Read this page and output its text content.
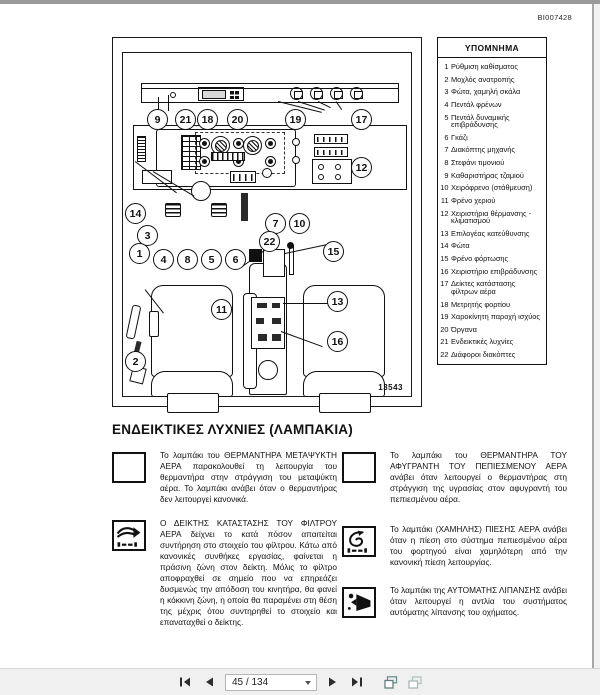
BI007428
9	21 18	20	19	17
14
3
12
7	10
22
4	8	5	6
1
11
15
13
16
2
13543
ΥΠΟΜΝΗΜΑ
1 Ρύθμιση καθίσματος
2 Μοχλός ανατροπής
3 Φώτα, χαμηλή σκάλα
4 Πεντάλ φρένων
5 Πεντάλ δυναμικής επιβράδυνσης
6 Γκάζι
7 Διακόπτης μηχανής
8 Στεφάνι τιμονιού
9 Καθαριστήρας τζαμιού
10 Χειρόφρενο (στάθμευση)
11 Φρένο χεριού
12 Χειριστήρια θέρμανσης - κλιματισμού
13 Επιλογέας κατεύθυνσης
14 Φώτα
15 Φρένο φόρτωσης
16 Χειριστήριο επιβράδυνσης
17 Δείκτες κατάστασης φίλτρων αέρα
18 Μετρητής φορτίου
19 Χαροκίνητη παροχή ισχύος
20 Όργανα
21 Ενδεικτικές λυχνίες
22 Διάφοροι διακόπτες
ΕΝΔΕΙΚΤΙΚΕΣ ΛΥΧΝΙΕΣ (ΛΑΜΠΑΚΙΑ)
Το λαμπάκι του ΘΕΡΜΑΝΤΗΡΑ ΜΕΤΑΨΥΚΤΗ ΑΕΡΑ παρακολουθεί τη λειτουργία του θερμαντήρα στην στράγγιση του μεταψύκτη αέρα. Το λαμπάκι ανάβει όταν ο θερμαντήρας δεν λειτουργεί κανονικά.
Ο ΔΕΙΚΤΗΣ ΚΑΤΑΣΤΑΣΗΣ ΤΟΥ ΦΙΛΤΡΟΥ ΑΕΡΑ δείχνει το κατά πόσον απαιτείται συντήρηση στο στοιχείο του φίλτρου. Κάτω από κανονικές συνθήκες εργασίας, φαίνεται η πράσινη ζώνη στον δείκτη. Μόλις το φίλτρο αποφραχθεί σε σημείο που να επηρεάζει δυσμενώς την απόδοση του κινητήρα, θα φανεί η κόκκινη ζώνη, η οποία θα παραμένει στη θέση της μέχρις ότου συντηρηθεί το στοιχείο και επαναταχθεί ο δείκτης.
Το λαμπάκι του ΘΕΡΜΑΝΤΗΡΑ ΤΟΥ ΑΦΥΓΡΑΝΤΗ ΤΟΥ ΠΕΠΙΕΣΜΕΝΟΥ ΑΕΡΑ ανάβει όταν λειτουργεί ο θερμαντήρας στη στράγγιση της υγρασίας στον αφυγραντή του πεπιεσμένου αέρα.
Το λαμπάκι (ΧΑΜΗΛΗΣ) ΠΙΕΣΗΣ ΑΕΡΑ ανάβει όταν η πίεση στο σύστημα πεπιεσμένου αέρα του φορτηγού είναι χαμηλότερη από την κανονική πίεση λειτουργίας.
Το λαμπάκι της ΑΥΤΟΜΑΤΗΣ ΛΙΠΑΝΣΗΣ ανάβει όταν λειτουργεί η αντλία του συστήματος αυτόματης λίπανσης του οχήματος.
45 / 134
